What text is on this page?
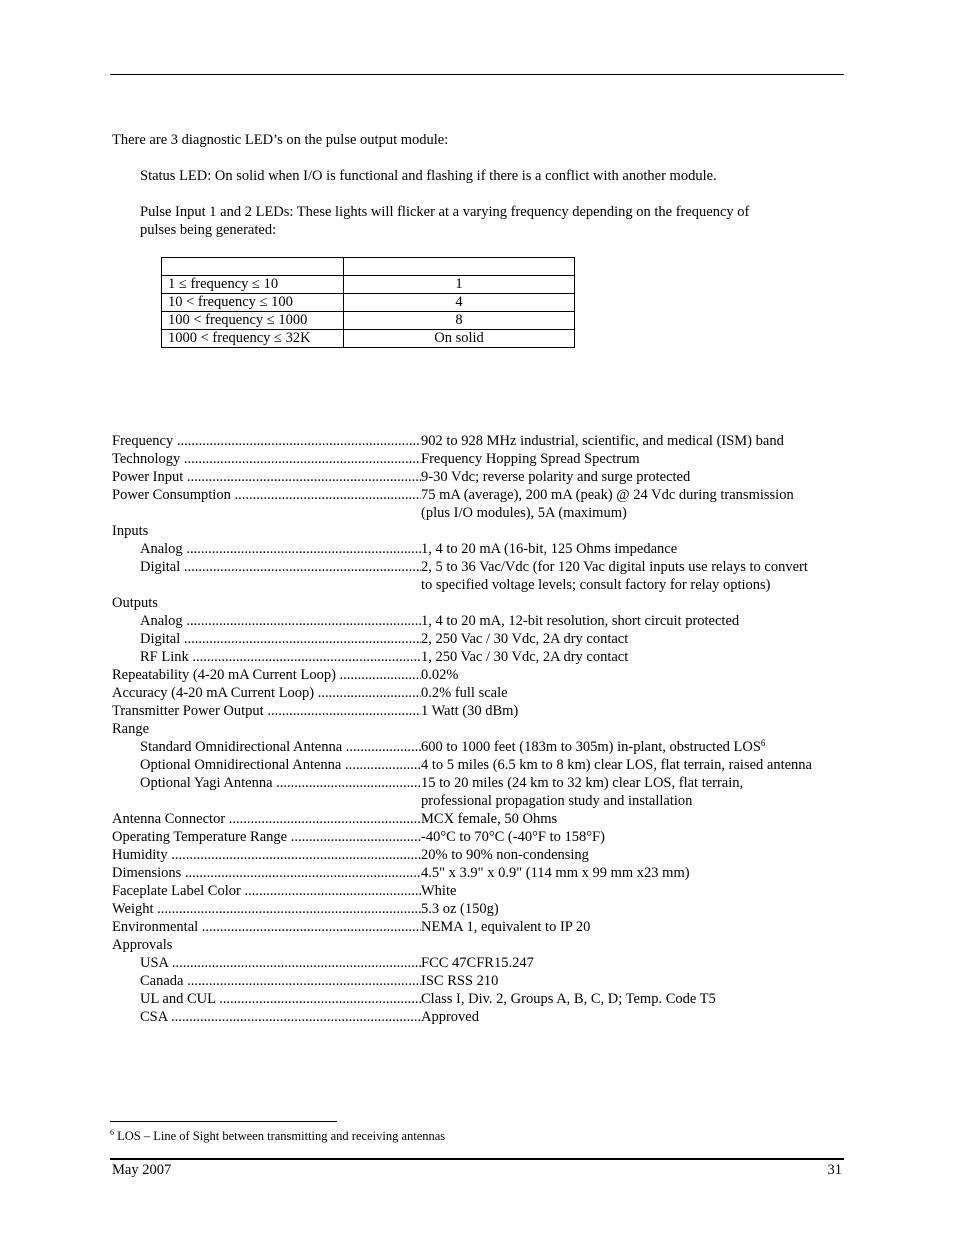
There are 3 diagnostic LED’s on the pulse output module:
Status LED: On solid when I/O is functional and flashing if there is a conflict with another module.
Pulse Input 1 and 2 LEDs: These lights will flicker at a varying frequency depending on the frequency of
pulses being generated:

1 ≤ frequency ≤ 10	1
10 < frequency ≤ 100	4
100 < frequency ≤ 1000	8
1000 < frequency ≤ 32K	On solid
Frequency .....	902 to 928 MHz industrial, scientific, and medical (ISM) band
Technology .....	Frequency Hopping Spread Spectrum
Power Input .....	9-30 Vdc; reverse polarity and surge protected
Power Consumption .....	75 mA (average), 200 mA (peak) @ 24 Vdc during transmission
(plus I/O modules), 5A (maximum)
Inputs
Analog .....	1, 4 to 20 mA (16-bit, 125 Ohms impedance
Digital .....	2, 5 to 36 Vac/Vdc (for 120 Vac digital inputs use relays to convert
to specified voltage levels; consult factory for relay options)
Outputs
Analog .....	1, 4 to 20 mA, 12-bit resolution, short circuit protected
Digital .....	2, 250 Vac / 30 Vdc, 2A dry contact
RF Link .....	1, 250 Vac / 30 Vdc, 2A dry contact
Repeatability (4-20 mA Current Loop) .....	0.02%
Accuracy (4-20 mA Current Loop) .....	0.2% full scale
Transmitter Power Output .....	1 Watt (30 dBm)
Range
Standard Omnidirectional Antenna .....	600 to 1000 feet (183m to 305m) in-plant, obstructed LOS$^6$
Optional Omnidirectional Antenna .....	4 to 5 miles (6.5 km to 8 km) clear LOS, flat terrain, raised antenna
Optional Yagi Antenna .....	15 to 20 miles (24 km to 32 km) clear LOS, flat terrain,
professional propagation study and installation
Antenna Connector .....	MCX female, 50 Ohms
Operating Temperature Range .....	-40°C to 70°C (-40°F to 158°F)
Humidity .....	20% to 90% non-condensing
Dimensions .....	4.5" x 3.9" x 0.9" (114 mm x 99 mm x23 mm)
Faceplate Label Color .....	White
Weight .....	5.3 oz (150g)
Environmental .....	NEMA 1, equivalent to IP 20
Approvals
USA .....	FCC 47CFR15.247
Canada .....	ISC RSS 210
UL and CUL .....	Class I, Div. 2, Groups A, B, C, D; Temp. Code T5
CSA .....	Approved
$^6$ LOS – Line of Sight between transmitting and receiving antennas
May 2007	31
